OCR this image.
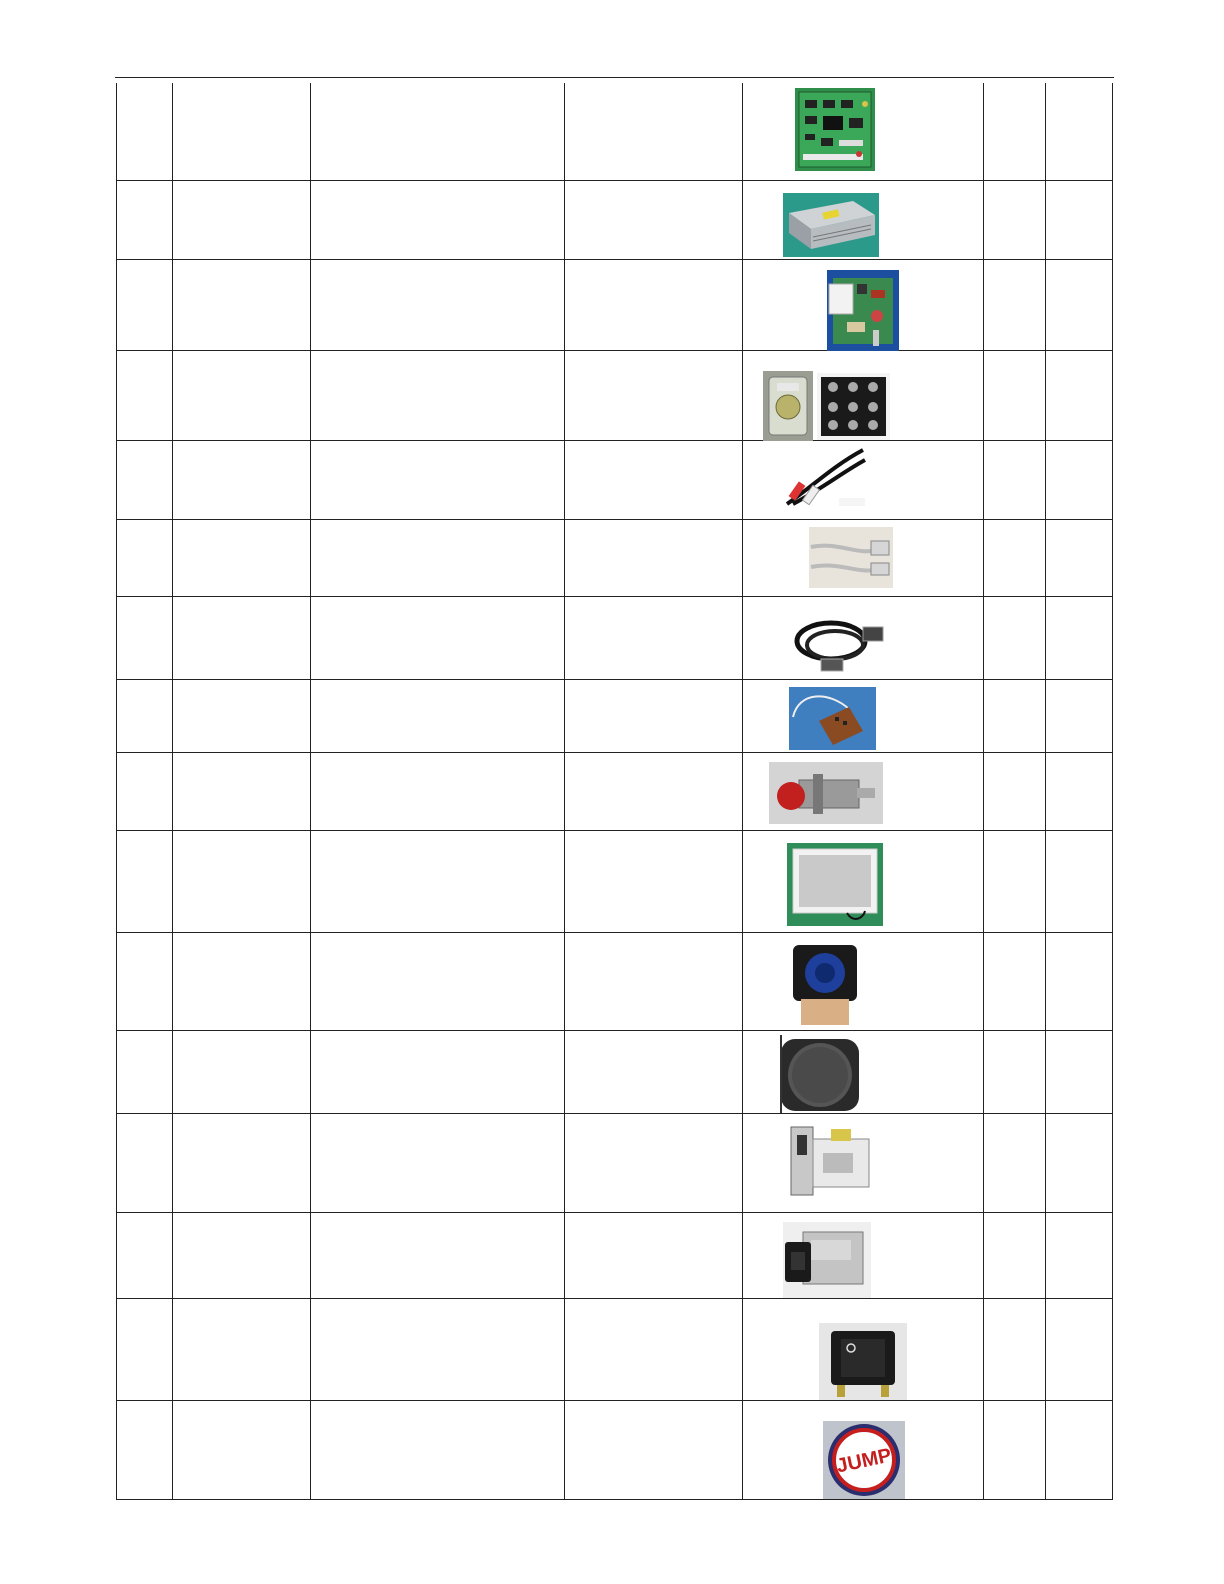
JUMP		
